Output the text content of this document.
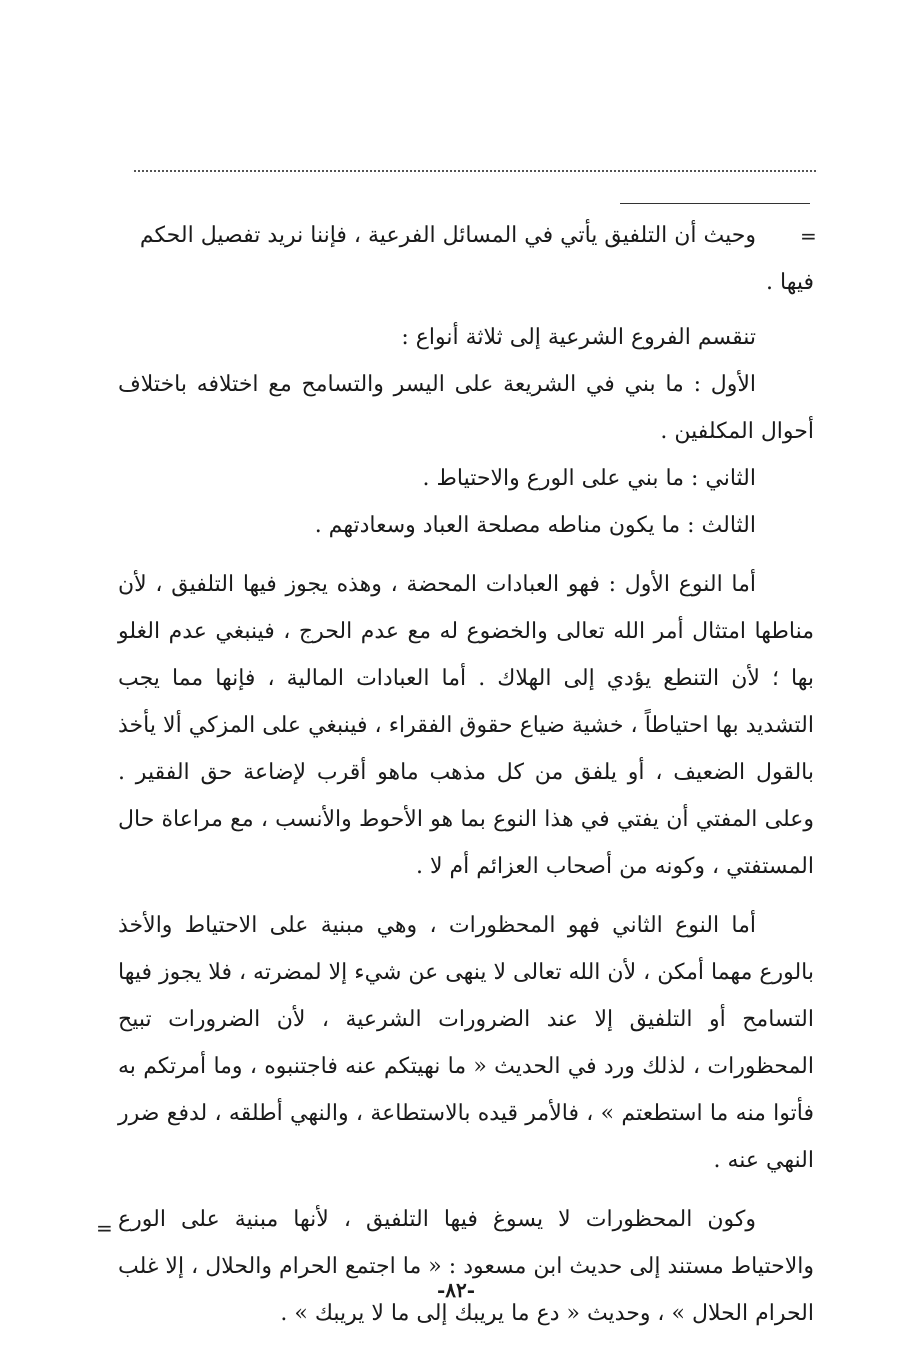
=

وحيث أن التلفيق يأتي في المسائل الفرعية ، فإننا نريد تفصيل الحكم

فيها .

تنقسم الفروع الشرعية إلى ثلاثة أنواع :

الأول : ما بني في الشريعة على اليسر والتسامح مع اختلافه باختلاف أحوال المكلفين .

الثاني : ما بني على الورع والاحتياط .

الثالث : ما يكون مناطه مصلحة العباد وسعادتهم .

أما النوع الأول : فهو العبادات المحضة ، وهذه يجوز فيها التلفيق ، لأن مناطها امتثال أمر الله تعالى والخضوع له مع عدم الحرج ، فينبغي عدم الغلو بها ؛ لأن التنطع يؤدي إلى الهلاك . أما العبادات المالية ، فإنها مما يجب التشديد بها احتياطاً ، خشية ضياع حقوق الفقراء ، فينبغي على المزكي ألا يأخذ بالقول الضعيف ، أو يلفق من كل مذهب ماهو أقرب لإضاعة حق الفقير . وعلى المفتي أن يفتي في هذا النوع بما هو الأحوط والأنسب ، مع مراعاة حال المستفتي ، وكونه من أصحاب العزائم أم لا .

أما النوع الثاني فهو المحظورات ، وهي مبنية على الاحتياط والأخذ بالورع مهما أمكن ، لأن الله تعالى لا ينهى عن شيء إلا لمضرته ، فلا يجوز فيها التسامح أو التلفيق إلا عند الضرورات الشرعية ، لأن الضرورات تبيح المحظورات ، لذلك ورد في الحديث « ما نهيتكم عنه فاجتنبوه ، وما أمرتكم به فأتوا منه ما استطعتم » ، فالأمر قيده بالاستطاعة ، والنهي أطلقه ، لدفع ضرر النهي عنه .

وكون المحظورات لا يسوغ فيها التلفيق ، لأنها مبنية على الورع والاحتياط مستند إلى حديث ابن مسعود : « ما اجتمع الحرام والحلال ، إلا غلب الحرام الحلال » ، وحديث « دع ما يريبك إلى ما لا يريبك » .

=
-٨٢-
